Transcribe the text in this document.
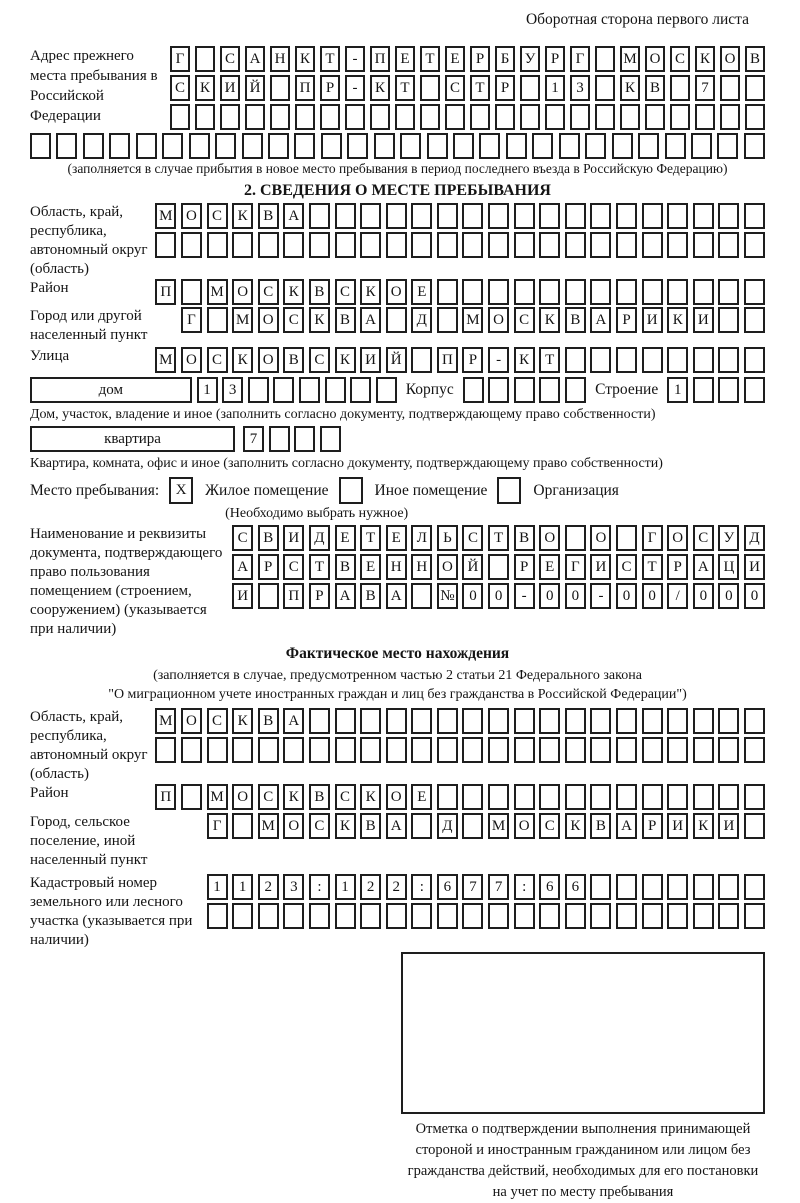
Оборотная сторона первого листа
Адрес прежнего места пребывания в Российской Федерации
Г	С А Н К	Т	-	П Е	Т	Е	Р	Б	У	Р	Г	М О С К О В
С К И Й	П	Р	-	К	Т	С	Т	Р	1	3	К В	7
(заполняется в случае прибытия в новое место пребывания в период последнего въезда в Российскую Федерацию)
2. СВЕДЕНИЯ О МЕСТЕ ПРЕБЫВАНИЯ
Область, край, республика, автономный округ (область)
М О	С	К	В	А
Район	П	М О	С	К	В	С	К	О	Е
Город или другой населенный пункт
Г	М О	С	К	В	А	Д	М О	С	К	В	А	Р	И	К	И
Улица	М О	С	К	О	В	С	К	И Й	П	Р	-	К	Т
дом	1	3	Корпус	Строение	1
Дом, участок, владение и иное (заполнить согласно документу, подтверждающему право собственности)
квартира	7
Квартира, комната, офис и иное (заполнить согласно документу, подтверждающему право собственности)
Место пребывания:	X	Жилое помещение	Иное помещение	Организация
(Необходимо выбрать нужное)
Наименование и реквизиты документа, подтверждающего право пользования помещением (строением, сооружением) (указывается при наличии)
С	В	И	Д	Е	Т	Е	Л	Ь	С	Т	В	О	О	Г	О	С	У	Д
А	Р	С	Т	В	Е	Н Н О Й	Р	Е	Г	И	С	Т	Р	А Ц И
И	П	Р	А	В	А	№ 0	0	-	0	0	-	0	0	/	0	0	0
Фактическое место нахождения
(заполняется в случае, предусмотренном частью 2 статьи 21 Федерального закона
"О миграционном учете иностранных граждан и лиц без гражданства в Российской Федерации")
Область, край, республика, автономный округ (область)
М О	С	К	В	А
Район	П	М О	С	К	В	С	К	О	Е
Город, сельское поселение, иной населенный пункт
Г	М О	С	К	В	А	Д	М О	С	К	В	А	Р	И	К	И
Кадастровый номер земельного или лесного участка (указывается при наличии)
1	1	2	3	:	1	2	2	:	6	7	7	:	6	6
Отметка о подтверждении выполнения принимающей стороной и иностранным гражданином или лицом без гражданства действий, необходимых для его постановки на учет по месту пребывания
